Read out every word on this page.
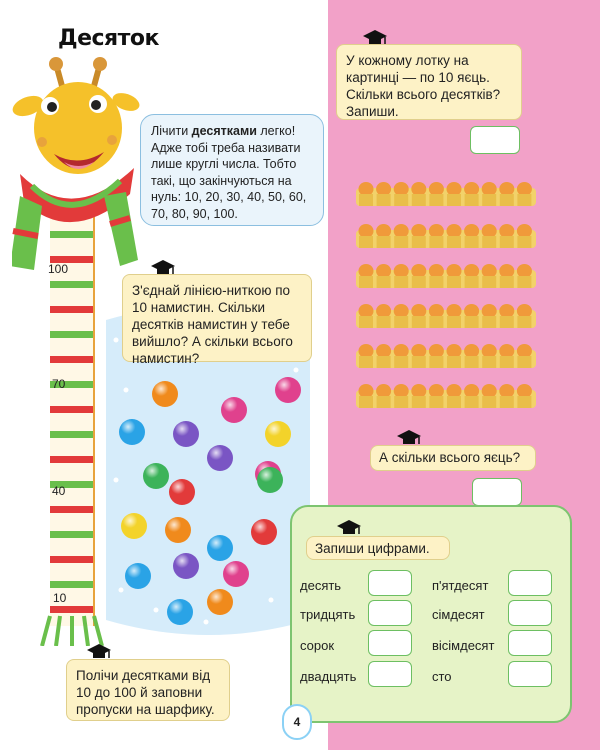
Десяток
100
70
40
10
Лічити десятками легко! Адже тобі треба називати лише круглі числа. Тобто такі, що закінчуються на нуль: 10, 20, 30, 40, 50, 60, 70, 80, 90, 100.
З'єднай лінією-ниткою по 10 намистин. Скільки десятків намистин у тебе вийшло? А скільки всього намистин?
Полічи десятками від 10 до 100 й заповни пропуски на шарфику.
У кожному лотку на картинці — по 10 яєць. Скільки всього десятків? Запиши.
А скільки всього яєць?
Запиши цифрами.
десять
тридцять
сорок
двадцять
п'ятдесят
сімдесят
вісімдесят
сто
4
